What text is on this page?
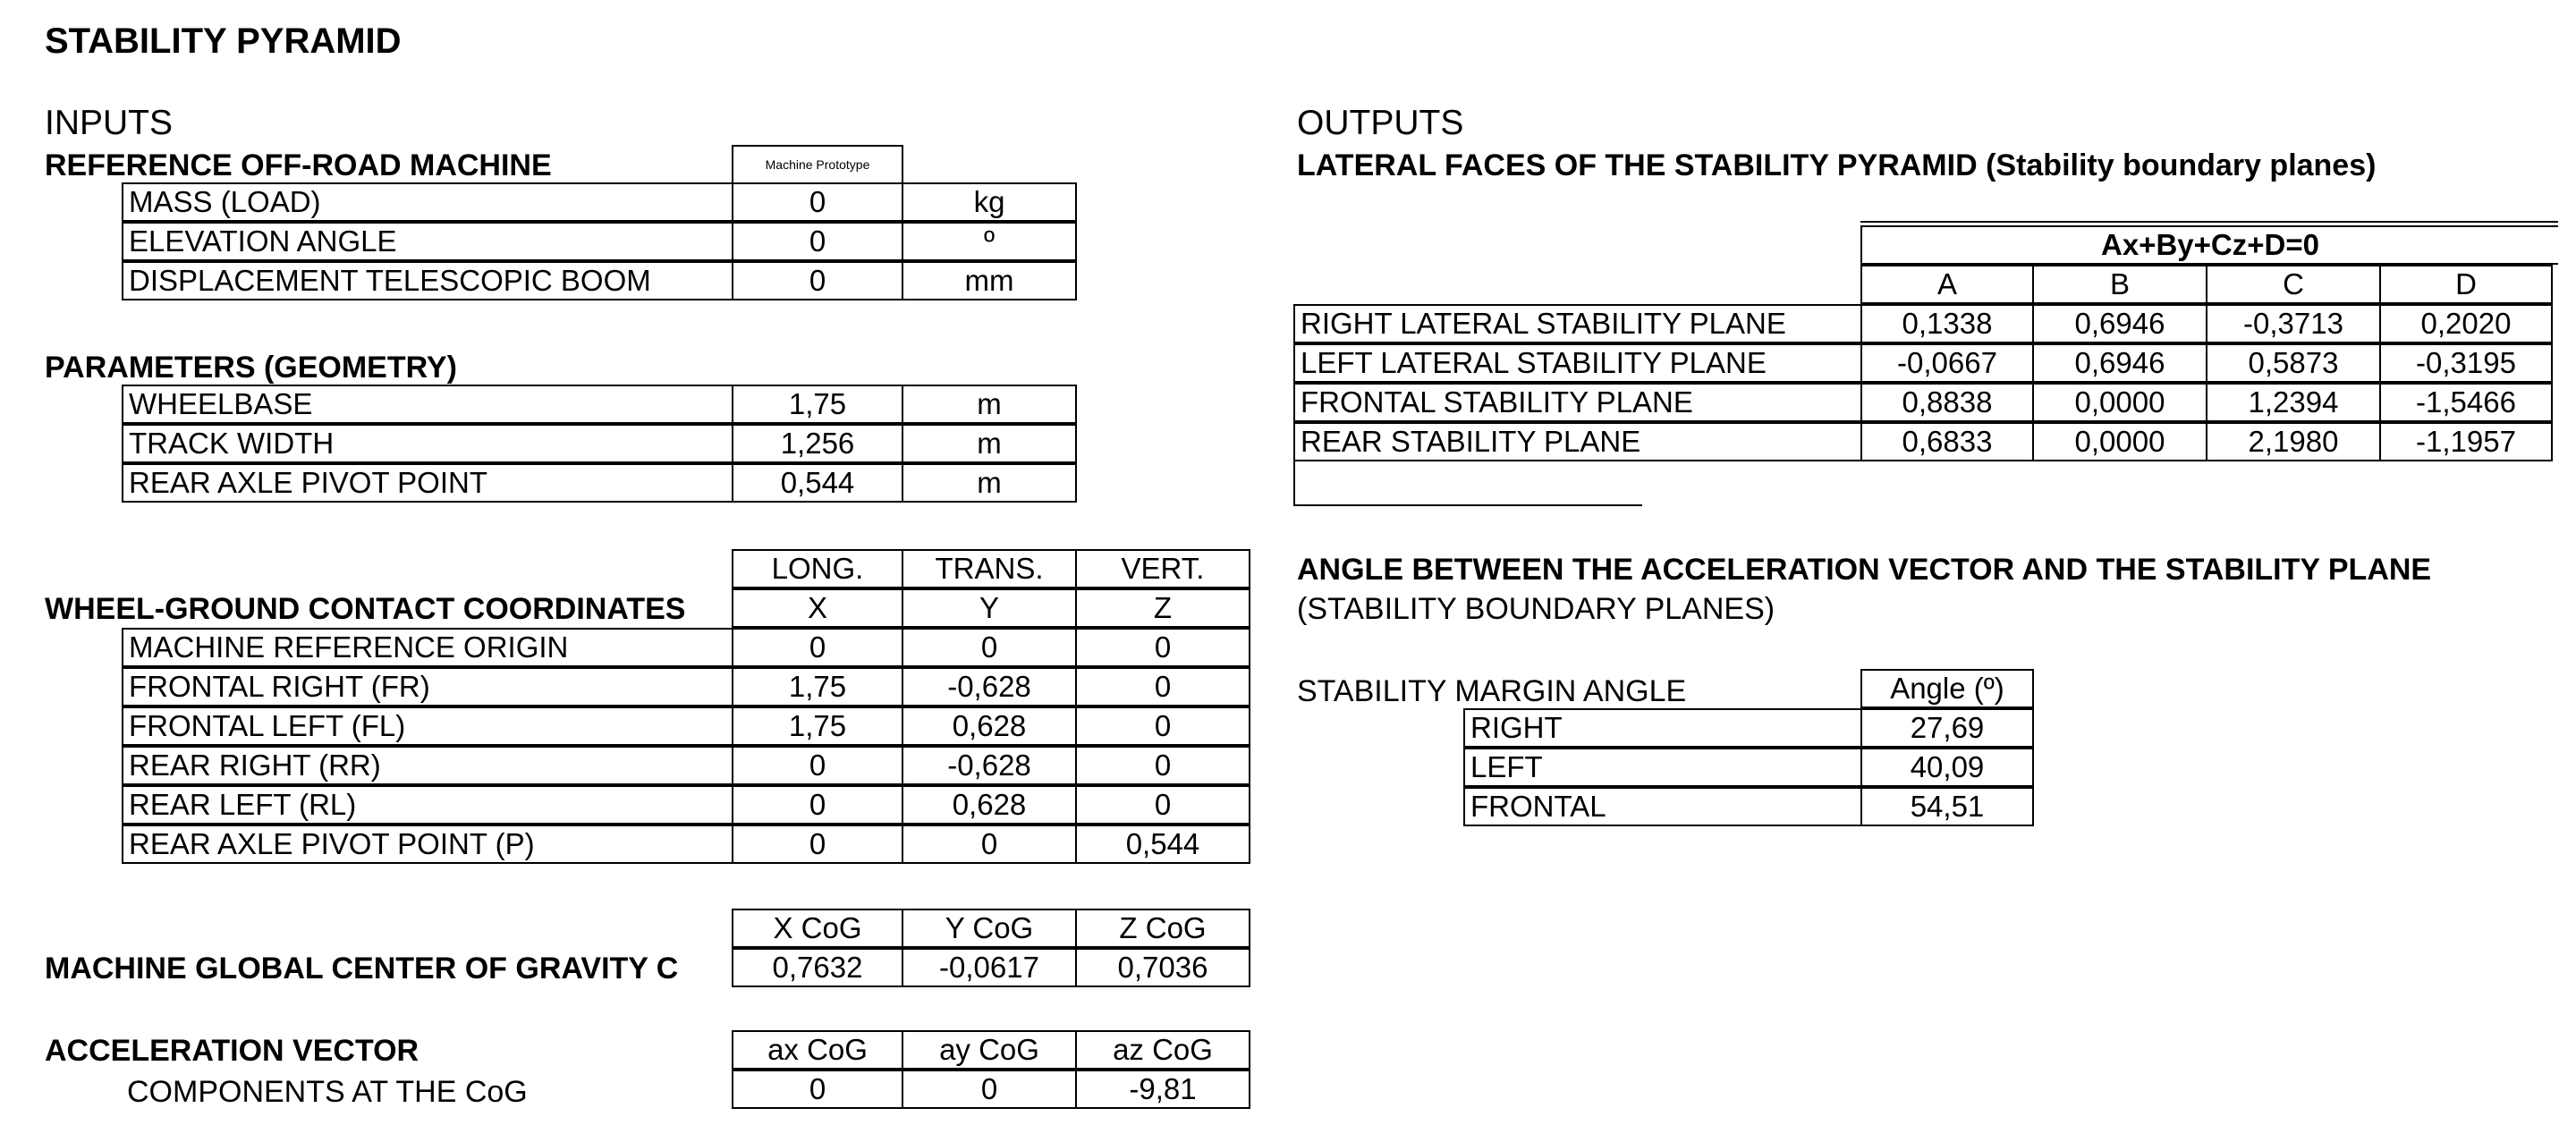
STABILITY PYRAMID
INPUTS
REFERENCE OFF-ROAD MACHINE	Machine Prototype
MASS (LOAD)	0	kg
ELEVATION ANGLE	0	º
DISPLACEMENT TELESCOPIC BOOM	0	mm
PARAMETERS (GEOMETRY)
WHEELBASE	1,75	m
TRACK WIDTH	1,256	m
REAR AXLE PIVOT POINT	0,544	m
LONG.	TRANS.	VERT.
WHEEL-GROUND CONTACT COORDINATES	X	Y	Z
MACHINE REFERENCE ORIGIN	0	0	0
FRONTAL RIGHT (FR)	1,75	-0,628	0
FRONTAL LEFT (FL)	1,75	0,628	0
REAR RIGHT (RR)	0	-0,628	0
REAR LEFT (RL)	0	0,628	0
REAR AXLE PIVOT POINT (P)	0	0	0,544
X CoG	Y CoG	Z CoG
MACHINE GLOBAL CENTER OF GRAVITY C	0,7632	-0,0617	0,7036
ACCELERATION VECTOR
COMPONENTS AT THE CoG
ax CoG	ay CoG	az CoG
0	0	-9,81
OUTPUTS
LATERAL FACES OF THE STABILITY PYRAMID (Stability boundary planes)
Ax+By+Cz+D=0
A	B	C	D
RIGHT LATERAL STABILITY PLANE	0,1338	0,6946	-0,3713	0,2020
LEFT LATERAL STABILITY PLANE	-0,0667	0,6946	0,5873	-0,3195
FRONTAL STABILITY PLANE	0,8838	0,0000	1,2394	-1,5466
REAR STABILITY PLANE	0,6833	0,0000	2,1980	-1,1957
ANGLE BETWEEN THE ACCELERATION VECTOR AND THE STABILITY PLANE
(STABILITY BOUNDARY PLANES)
STABILITY MARGIN ANGLE	Angle (º)
RIGHT	27,69
LEFT	40,09
FRONTAL	54,51
